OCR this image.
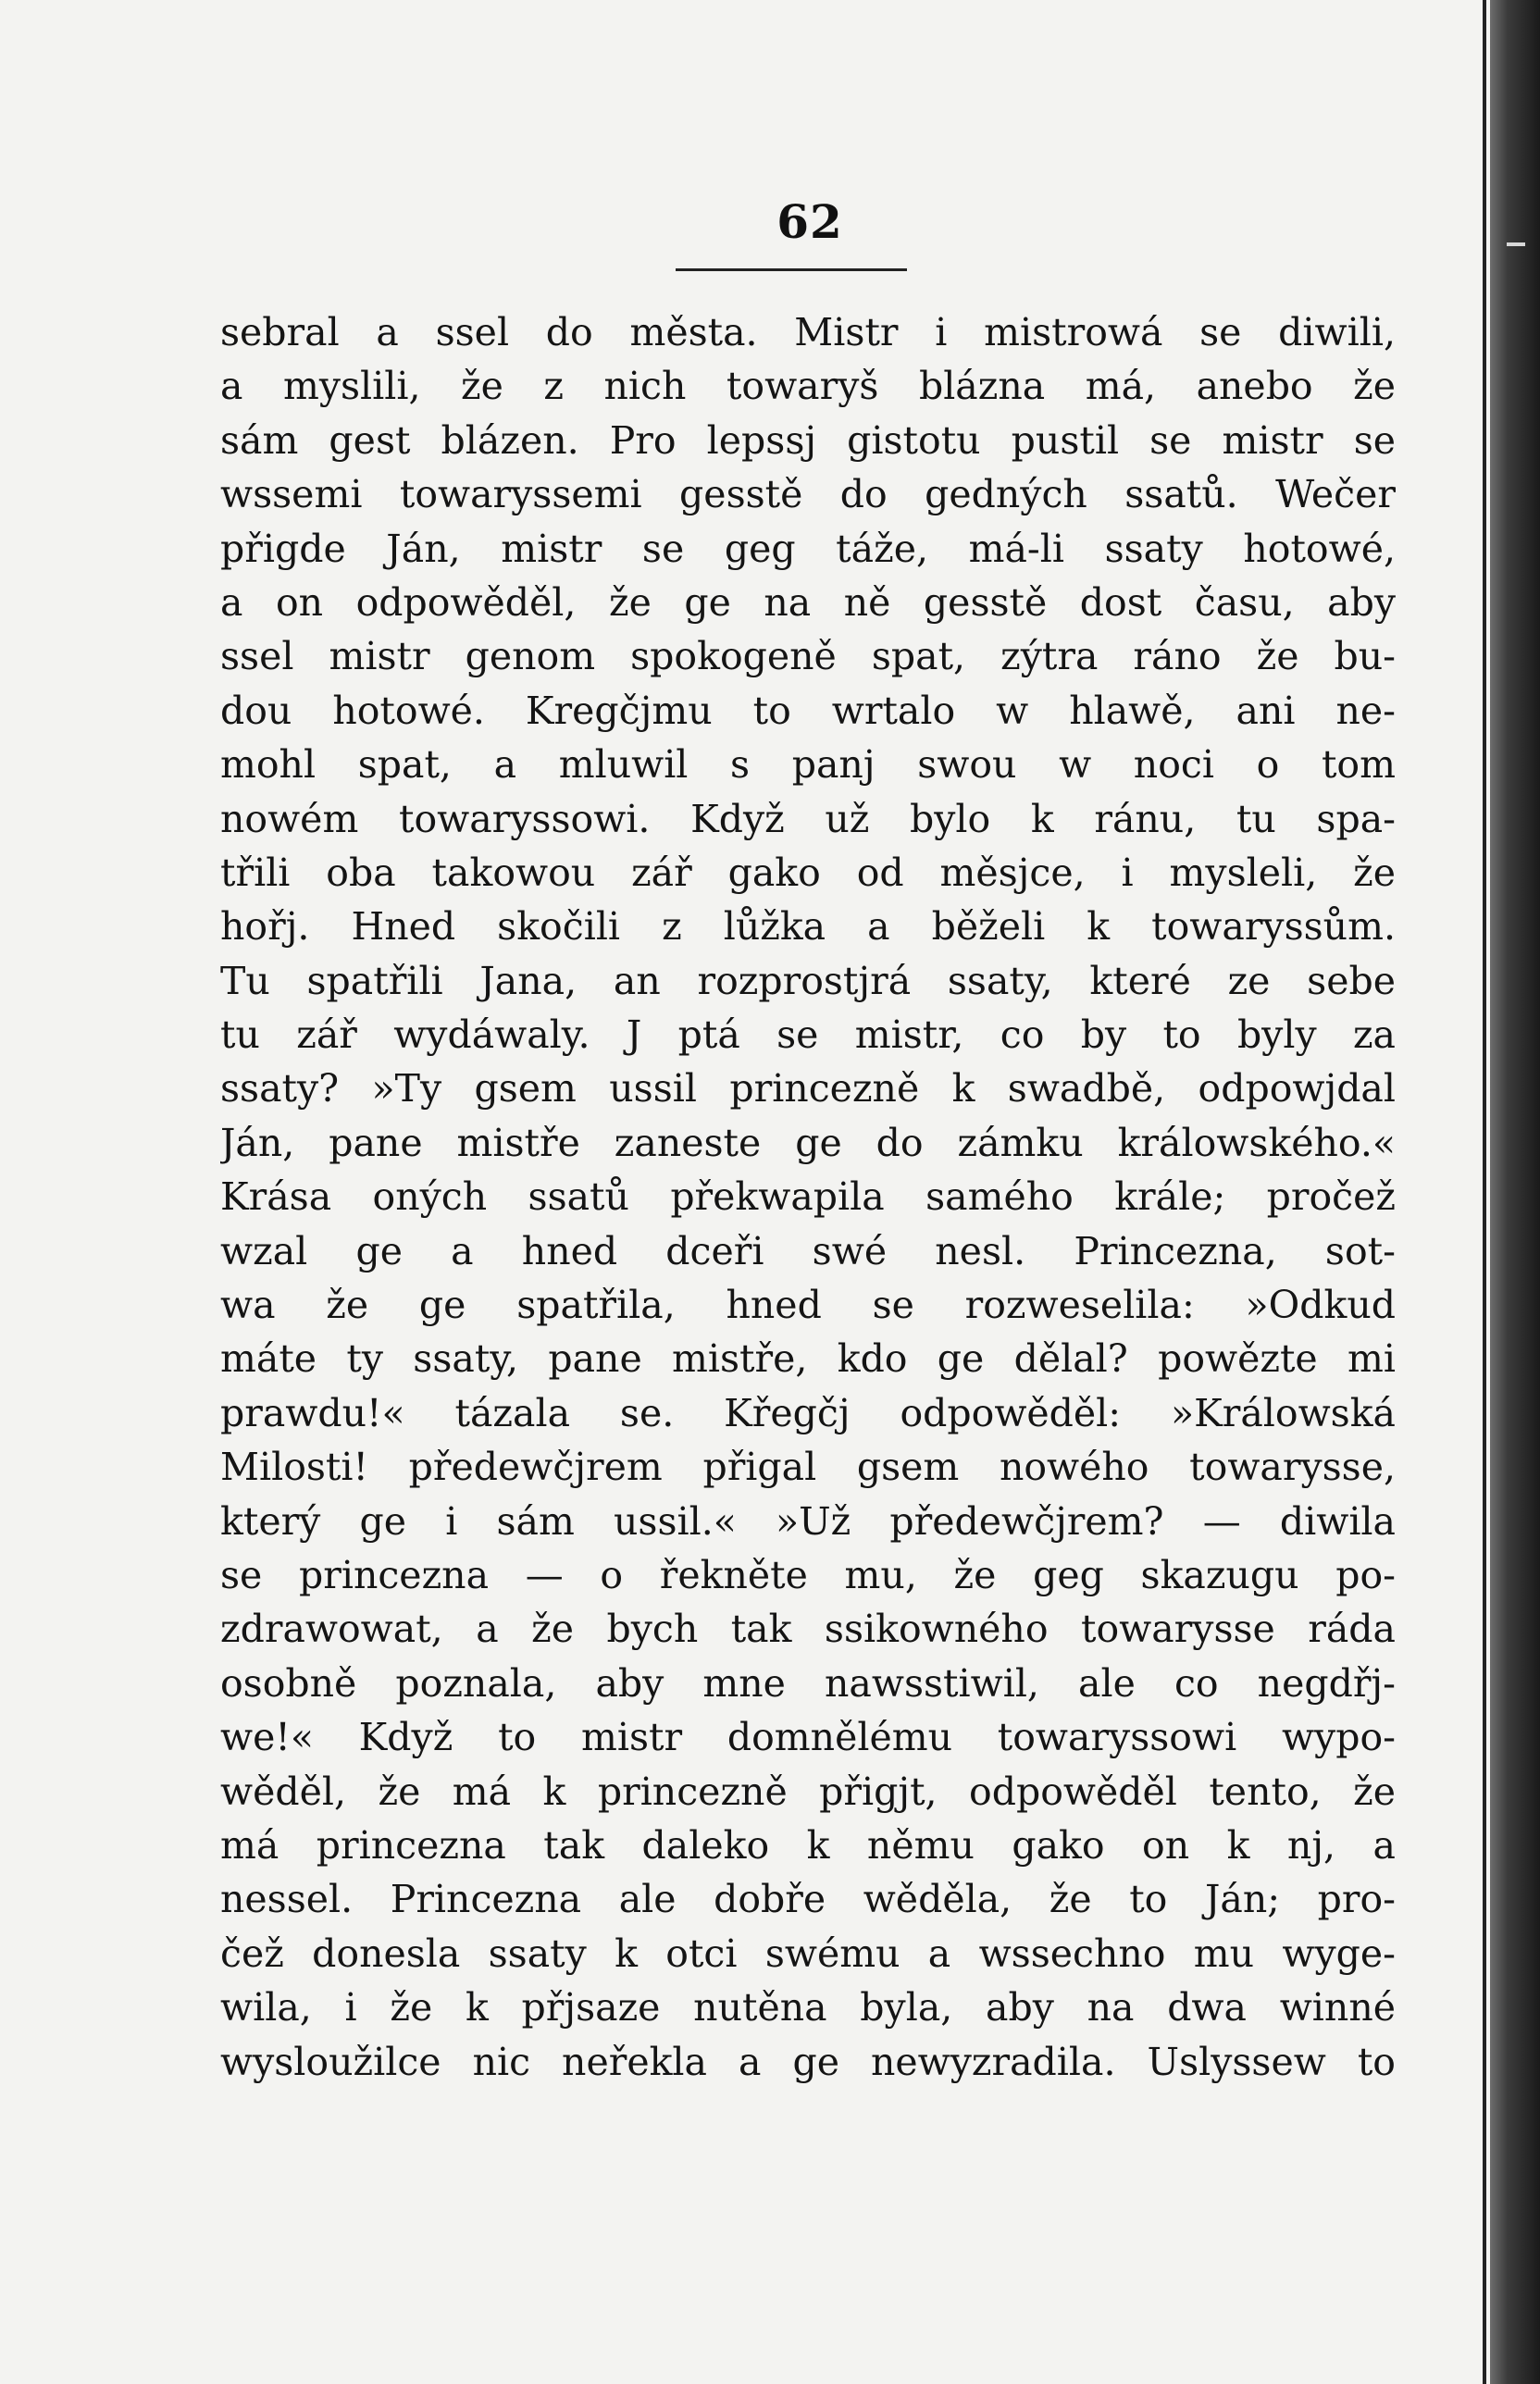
62
sebral a ssel do města. Mistr i mistrowá se diwili,
a myslili, že z nich towaryš blázna má, anebo že
sám gest blázen. Pro lepssj gistotu pustil se mistr se
wssemi towaryssemi gesstě do gedných ssatů. Wečer
přigde Ján, mistr se geg táže, má-li ssaty hotowé,
a on odpowěděl, že ge na ně gesstě dost času, aby
ssel mistr genom spokogeně spat, zýtra ráno že bu-
dou hotowé. Kregčjmu to wrtalo w hlawě, ani ne-
mohl spat, a mluwil s panj swou w noci o tom
nowém towaryssowi. Když už bylo k ránu, tu spa-
třili oba takowou zář gako od měsjce, i mysleli, že
hořj. Hned skočili z lůžka a běželi k towaryssům.
Tu spatřili Jana, an rozprostjrá ssaty, které ze sebe
tu zář wydáwaly. J ptá se mistr, co by to byly za
ssaty? »Ty gsem ussil princezně k swadbě, odpowjdal
Ján, pane mistře zaneste ge do zámku králowského.«
Krása oných ssatů překwapila samého krále; pročež
wzal ge a hned dceři swé nesl. Princezna, sot-
wa že ge spatřila, hned se rozweselila: »Odkud
máte ty ssaty, pane mistře, kdo ge dělal? powězte mi
prawdu!« tázala se. Křegčj odpowěděl: »Králowská
Milosti! předewčjrem přigal gsem nowého towarysse,
který ge i sám ussil.« »Už předewčjrem? — diwila
se princezna — o řekněte mu, že geg skazugu po-
zdrawowat, a že bych tak ssikowného towarysse ráda
osobně poznala, aby mne nawsstiwil, ale co negdřj-
we!« Když to mistr domnělému towaryssowi wypo-
wěděl, že má k princezně přigjt, odpowěděl tento, že
má princezna tak daleko k němu gako on k nj, a
nessel. Princezna ale dobře wěděla, že to Ján; pro-
čež donesla ssaty k otci swému a wssechno mu wyge-
wila, i že k přjsaze nutěna byla, aby na dwa winné
wysloužilce nic neřekla a ge newyzradila. Uslyssew to
